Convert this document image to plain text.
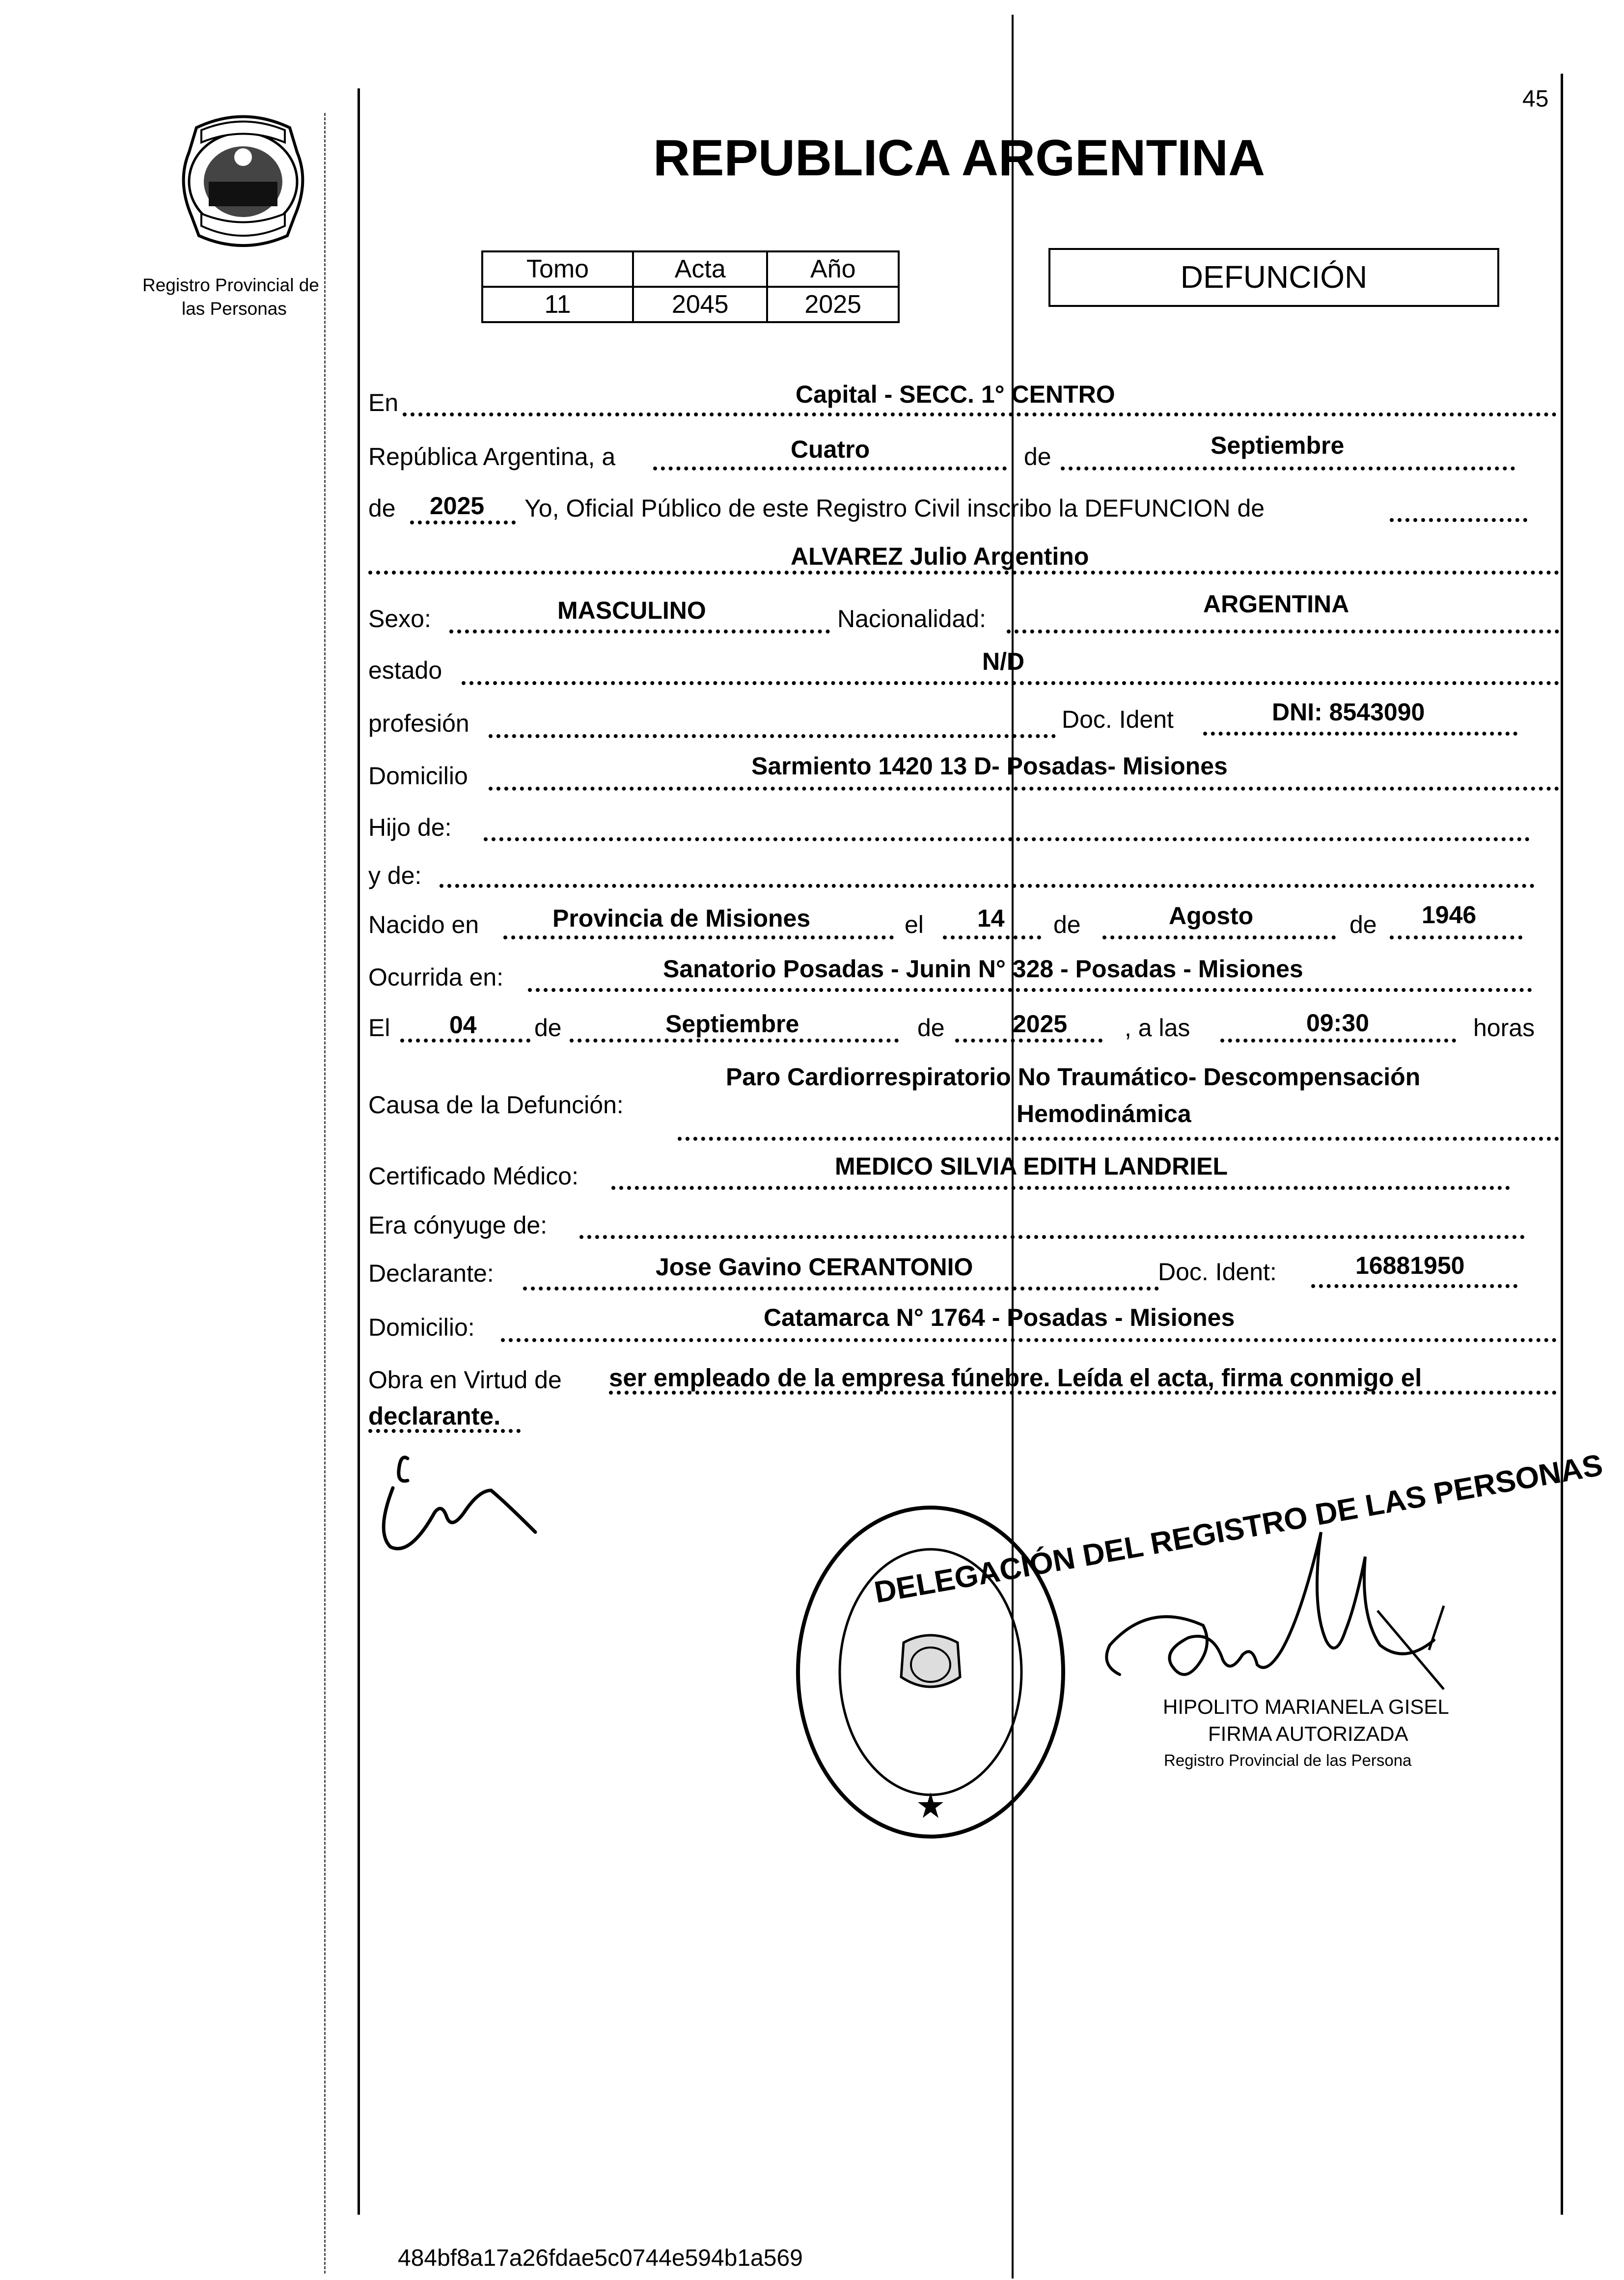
45
Registro Provincial de
las Personas
REPUBLICA ARGENTINA
Tomo	Acta	Año
11	2045	2025
DEFUNCIÓN
En	Capital - SECC. 1° CENTRO
República Argentina, a	Cuatro	de	Septiembre
de 2025 Yo, Oficial Público de este Registro Civil inscribo la DEFUNCION de
ALVAREZ Julio Argentino
Sexo:	MASCULINO	Nacionalidad:
ARGENTINA
estado	N/D
profesión	Doc. Ident	DNI: 8543090
Domicilio	Sarmiento 1420 13 D- Posadas- Misiones
Hijo de:
y de:
Nacido en	Provincia de Misiones	el 14 de	Agosto	de 1946
Ocurrida en:	Sanatorio Posadas - Junin N° 328 - Posadas - Misiones
El 04 de	Septiembre	de	2025 , a las	09:30	horas
Causa de la Defunción:
Paro Cardiorrespiratorio No Traumático- Descompensación
Hemodinámica
Certificado Médico:	MEDICO SILVIA EDITH LANDRIEL
Era cónyuge de:
Declarante:	Jose Gavino CERANTONIO	Doc. Ident:	16881950
Domicilio:	Catamarca N° 1764 - Posadas - Misiones
Obra en Virtud de ser empleado de la empresa fúnebre. Leída el acta, firma conmigo el
declarante.
DELEGACIÓN DEL REGISTRO DE LAS PERSONAS
HIPOLITO MARIANELA GISEL
FIRMA AUTORIZADA
Registro Provincial de las Persona
484bf8a17a26fdae5c0744e594b1a569
